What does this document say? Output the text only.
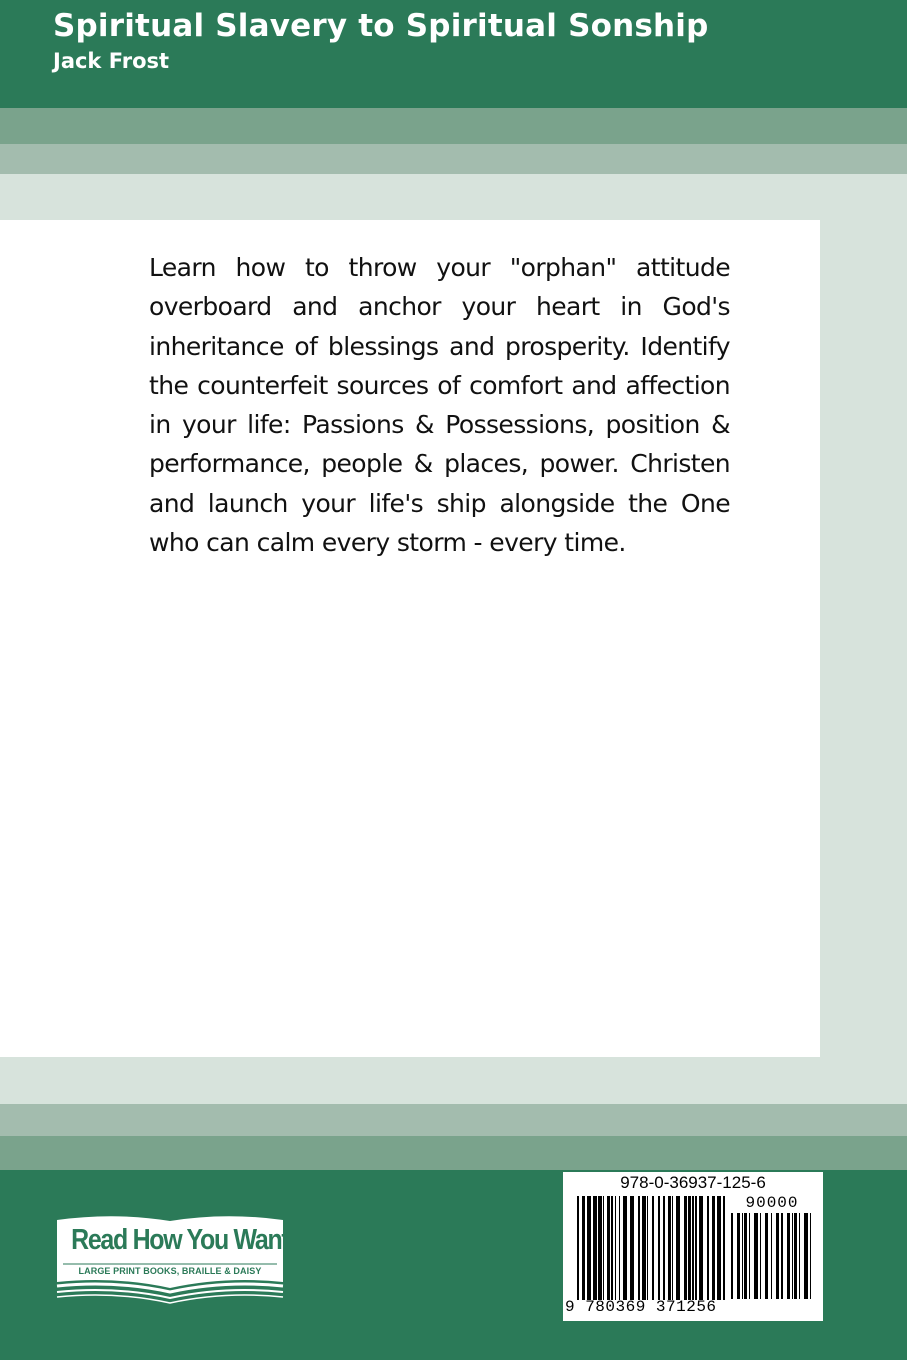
Spiritual Slavery to Spiritual Sonship
Jack Frost

Learn how to throw your "orphan" attitude overboard and anchor your heart in God's inheritance of blessings and prosperity. Identify the counterfeit sources of comfort and affection in your life: Passions & Possessions, position & performance, people & places, power. Christen and launch your life's ship alongside the One who can calm every storm - every time.

Read How You Want
LARGE PRINT BOOKS, BRAILLE & DAISY
978-0-36937-125-6
90000
9 780369 371256
